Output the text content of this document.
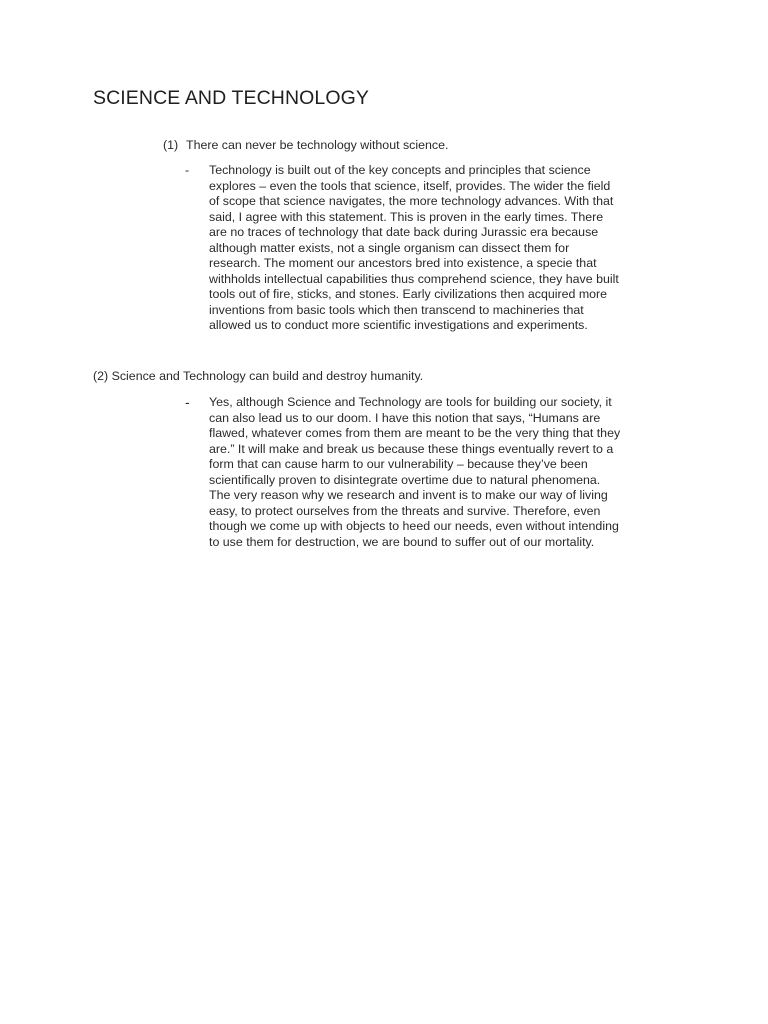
SCIENCE AND TECHNOLOGY
(1) There can never be technology without science.
- Technology is built out of the key concepts and principles that science
explores – even the tools that science, itself, provides. The wider the field
of scope that science navigates, the more technology advances. With that
said, I agree with this statement. This is proven in the early times. There
are no traces of technology that date back during Jurassic era because
although matter exists, not a single organism can dissect them for
research. The moment our ancestors bred into existence, a specie that
withholds intellectual capabilities thus comprehend science, they have built
tools out of fire, sticks, and stones. Early civilizations then acquired more
inventions from basic tools which then transcend to machineries that
allowed us to conduct more scientific investigations and experiments.
(2) Science and Technology can build and destroy humanity.
- Yes, although Science and Technology are tools for building our society, it
can also lead us to our doom. I have this notion that says, “Humans are
flawed, whatever comes from them are meant to be the very thing that they
are.” It will make and break us because these things eventually revert to a
form that can cause harm to our vulnerability – because they’ve been
scientifically proven to disintegrate overtime due to natural phenomena.
The very reason why we research and invent is to make our way of living
easy, to protect ourselves from the threats and survive. Therefore, even
though we come up with objects to heed our needs, even without intending
to use them for destruction, we are bound to suffer out of our mortality.
